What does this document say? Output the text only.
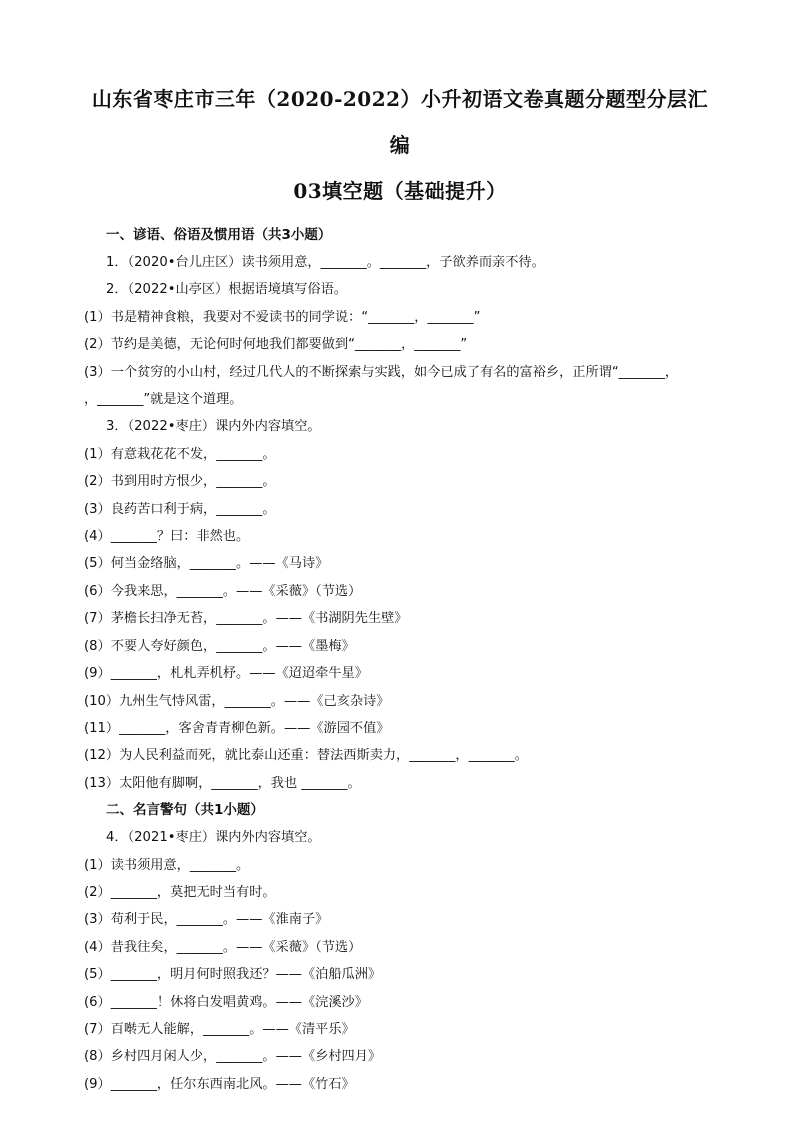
山东省枣庄市三年（2020-2022）小升初语文卷真题分题型分层汇编
03填空题（基础提升）

一、谚语、俗语及惯用语（共3小题）

1．（2020•台儿庄区）读书须用意，_______。_______，子欲养而亲不待。

2．（2022•山亭区）根据语境填写俗语。

(1）书是精神食粮，我要对不爱读书的同学说：“_______，_______”

(2）节约是美德，无论何时何地我们都要做到“_______，_______”

(3）一个贫穷的小山村，经过几代人的不断探索与实践，如今已成了有名的富裕乡，正所谓“_______，

，_______”就是这个道理。

3．（2022•枣庄）课内外内容填空。

(1）有意栽花花不发，_______。

(2）书到用时方恨少，_______。

(3）良药苦口利于病，_______。

(4）_______？曰：非然也。

(5）何当金络脑，_______。——《马诗》

(6）今我来思，_______。——《采薇》（节选）

(7）茅檐长扫净无苔，_______。——《书湖阴先生壁》

(8）不要人夸好颜色，_______。——《墨梅》

(9）_______，札札弄机杼。——《迢迢牵牛星》

(10）九州生气恃风雷，_______。——《己亥杂诗》

(11）_______，客舍青青柳色新。——《游园不值》

(12）为人民利益而死，就比泰山还重：替法西斯卖力，_______，_______。

(13）太阳他有脚啊，_______，我也 _______。

二、名言警句（共1小题）

4．（2021•枣庄）课内外内容填空。

(1）读书须用意，_______。

(2）_______，莫把无时当有时。

(3）苟利于民，_______。——《淮南子》

(4）昔我往矣，_______。——《采薇》（节选）

(5）_______，明月何时照我还？——《泊船瓜洲》

(6）_______！休将白发唱黄鸡。——《浣溪沙》

(7）百啭无人能解，_______。——《清平乐》

(8）乡村四月闲人少，_______。——《乡村四月》

(9）_______，任尔东西南北风。——《竹石》
